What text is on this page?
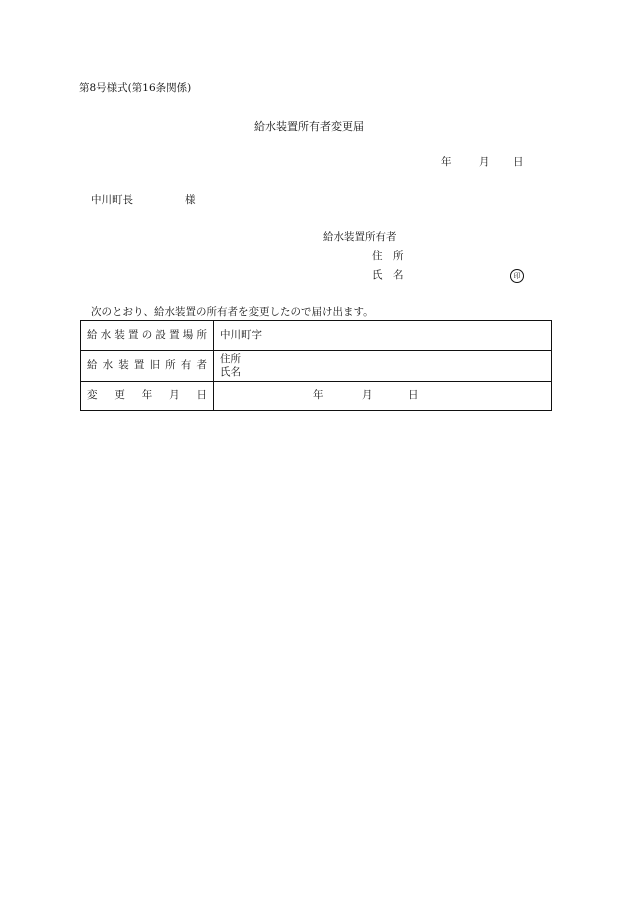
第8号様式(第16条関係)
給水装置所有者変更届
年	月 日
中川町長	様
給水装置所有者
住　所
氏　名	印
次のとおり、給水装置の所有者を変更したので届け出ます。
給水装置の設置場所	中川町字
給水装置旧所有者	住所
氏名

変更年月日	年 月 日
